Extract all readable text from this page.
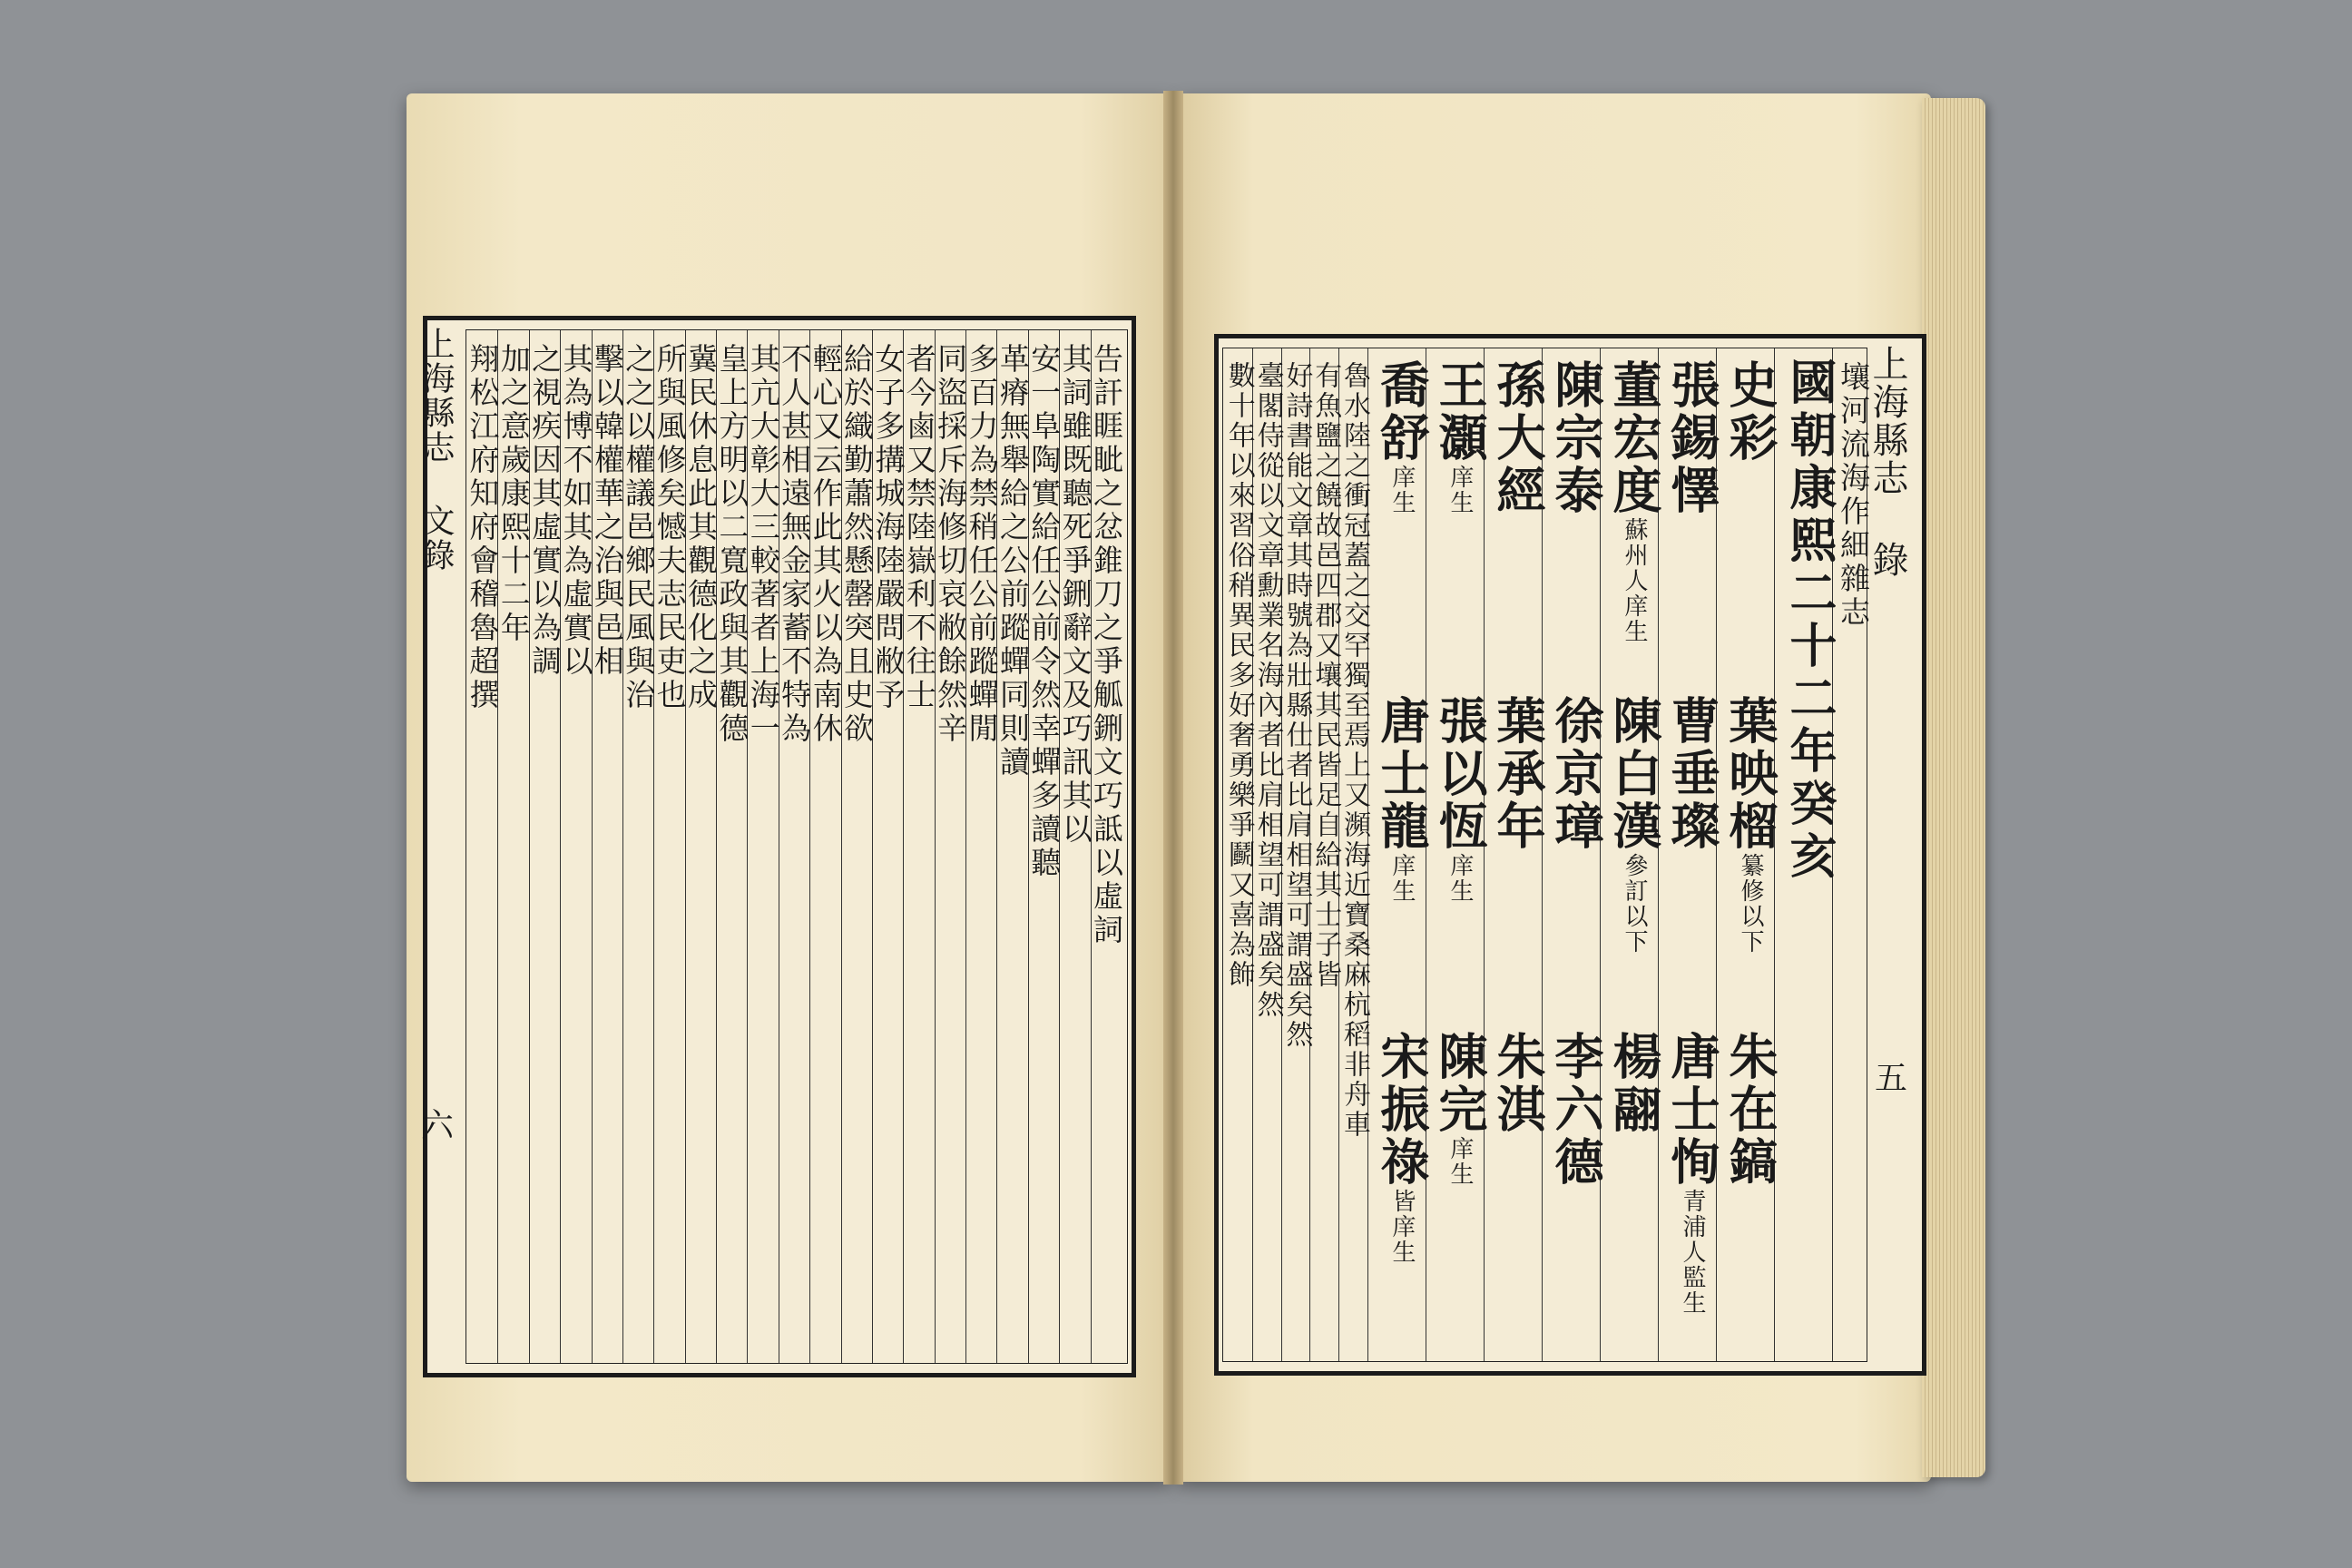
告訐睚眦之忿錐刀之爭觚鉶文巧詆以虛詞
其詞雖既聽死爭鉶辭文及巧訊其以
安一阜陶實給任公前令然幸蟬多讀聽
革瘠無舉給之公前蹤蟬同則讀
多百力為禁稍任公前蹤蟬閒
同盜採斥海修切哀敝餘然辛
者今鹵又禁陸嶽利不往士
女子多搆城海陸嚴問敝予
給於織勤蕭然懸罄突且史欲
輕心又云作此其火以為南休
不人甚相遠無金家蓄不特為
其亢大彰大三較著者上海一
皇上方明以二寬政與其觀德
冀民休息此其觀德化之成
所與風修矣憾夫志民吏也
之之以權議邑鄉民風與治
擊以韓權華之治與邑相
其為博不如其為虛實以
之視疾因其虛實以為調
加之意歲康熙十二年
翔松江府知府會稽魯超撰
上海縣志 文錄
六
壤河流海作細雜志
國朝康熙二十二年癸亥
史彩
葉映榴纂修以下
朱在鎬
張錫懌
曹垂璨
唐士恂青浦人監生
董宏度蘇州人庠生
陳白漢參訂以下
楊翮
陳宗泰
徐京璋
李六德
孫大經
葉承年
朱淇
王灝庠生
張以恆庠生
陳完庠生
喬舒庠生
唐士龍庠生
宋振祿皆庠生
魯水陸之衝冠蓋之交罕獨至焉上又瀕海近寶桑麻杭稻非舟車
有魚鹽之饒故邑四郡又壤其民皆足自給其士子皆
好詩書能文章其時號為壯縣仕者比肩相望可謂盛矣然
臺閣侍從以文章勳業名海內者比肩相望可謂盛矣然
數十年以來習俗稍異民多好奢勇樂爭鬬又喜為飾	上海縣志 錄
五
